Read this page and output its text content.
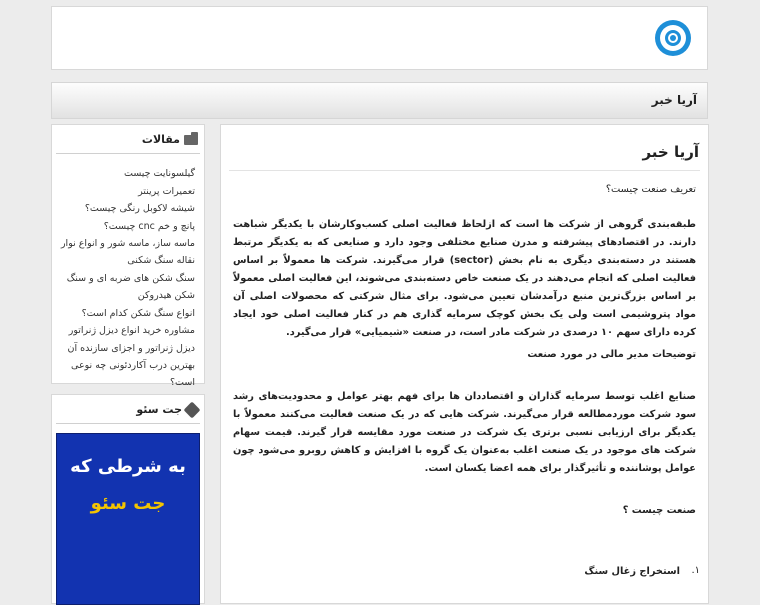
آریا خبر
آریا خبر

تعریف صنعت چیست؟

طبقه‌بندی گروهی از شرکت ها است که ازلحاظ فعالیت اصلی کسب‌وکارشان با یکدیگر شباهت دارند. در اقتصادهای پیشرفته و مدرن صنایع مختلفی وجود دارد و صنایعی که به یکدیگر مرتبط هستند در دسته‌بندی دیگری به نام بخش (sector) قرار می‌گیرند. شرکت ها معمولاً بر اساس فعالیت اصلی که انجام می‌دهند در یک صنعت خاص دسته‌بندی می‌شوند، این فعالیت اصلی معمولاً بر اساس بزرگ‌ترین منبع درآمدشان تعیین می‌شود. برای مثال شرکتی که محصولات اصلی آن مواد پتروشیمی است ولی یک بخش کوچک سرمایه گذاری هم در کنار فعالیت اصلی خود ایجاد کرده دارای سهم ۱۰ درصدی در شرکت مادر است، در صنعت «شیمیایی» قرار می‌گیرد.

توضیحات مدیر مالی در مورد صنعت

صنایع اغلب توسط سرمایه گذاران و اقتصاددان ها برای فهم بهتر عوامل و محدودیت‌های رشد سود شرکت موردمطالعه قرار می‌گیرند. شرکت هایی که در یک صنعت فعالیت می‌کنند معمولاً با یکدیگر برای ارزیابی نسبی برتری یک شرکت در صنعت مورد مقایسه قرار گیرند. قیمت سهام شرکت های موجود در یک صنعت اغلب به‌عنوان یک گروه با افزایش و کاهش روبرو می‌شود چون عوامل پوشاننده و تأثیرگذار برای همه اعضا یکسان است.

صنعت چیست ؟

۱.

استخراج زغال سنگ

مقالات
گیلسونایت چیست
تعمیرات پرینتر
شیشه لاکوبل رنگی چیست؟
پانچ و خم cnc چیست؟
ماسه ساز، ماسه شور و انواع نوار نقاله سنگ شکنی
سنگ شکن های ضربه ای و سنگ شکن هیدروکن
انواع سنگ شکن کدام است؟
مشاوره خرید انواع دیزل ژنراتور
دیزل ژنراتور و اجزای سازنده آن
بهترین درب آکاردئونی چه نوعی است؟
جت سئو
به شرطی که
جت سئو
